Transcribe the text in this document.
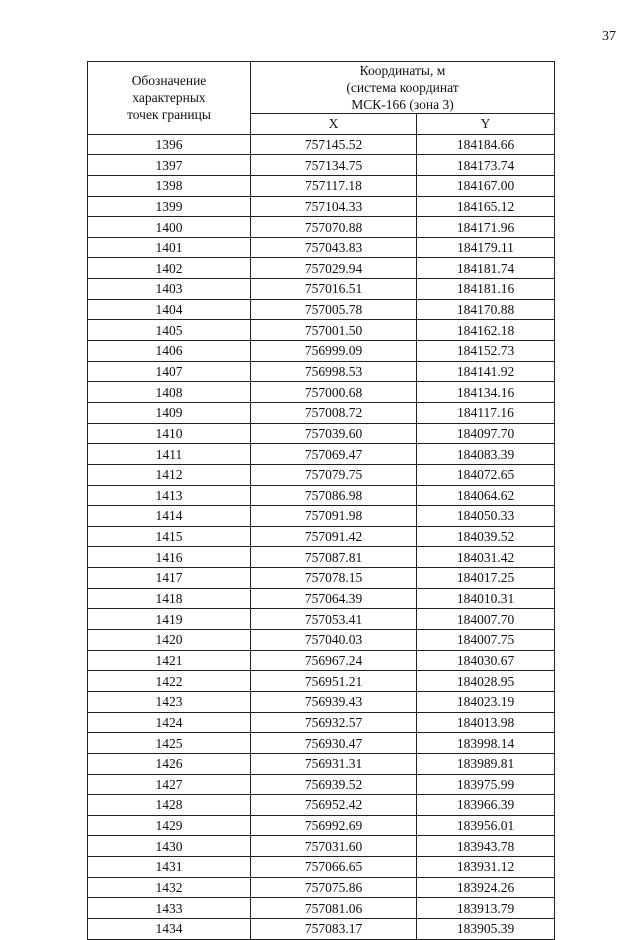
37
Обозначение
характерных
точек границы	Координаты, м
(система координат
МСК-166 (зона 3)	

	X	Y
1396	757145.52	184184.66
1397	757134.75	184173.74
1398	757117.18	184167.00
1399	757104.33	184165.12
1400	757070.88	184171.96
1401	757043.83	184179.11
1402	757029.94	184181.74
1403	757016.51	184181.16
1404	757005.78	184170.88
1405	757001.50	184162.18
1406	756999.09	184152.73
1407	756998.53	184141.92
1408	757000.68	184134.16
1409	757008.72	184117.16
1410	757039.60	184097.70
1411	757069.47	184083.39
1412	757079.75	184072.65
1413	757086.98	184064.62
1414	757091.98	184050.33
1415	757091.42	184039.52
1416	757087.81	184031.42
1417	757078.15	184017.25
1418	757064.39	184010.31
1419	757053.41	184007.70
1420	757040.03	184007.75
1421	756967.24	184030.67
1422	756951.21	184028.95
1423	756939.43	184023.19
1424	756932.57	184013.98
1425	756930.47	183998.14
1426	756931.31	183989.81
1427	756939.52	183975.99
1428	756952.42	183966.39
1429	756992.69	183956.01
1430	757031.60	183943.78
1431	757066.65	183931.12
1432	757075.86	183924.26
1433	757081.06	183913.79
1434	757083.17	183905.39
